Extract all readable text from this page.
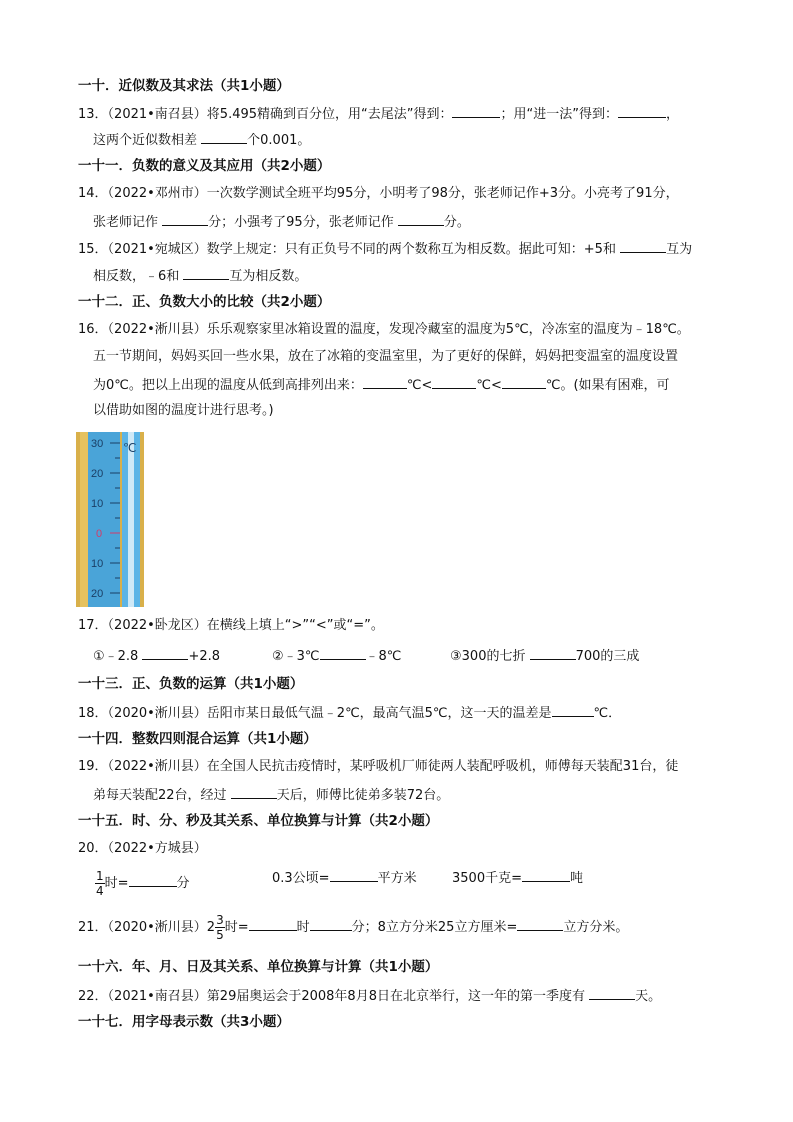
一十．近似数及其求法（共1小题）
13．（2021•南召县）将5.495精确到百分位，用“去尾法”得到：	；用“进一法”得到：	，
这两个近似数相差	个0.001。
一十一．负数的意义及其应用（共2小题）
14．（2022•邓州市）一次数学测试全班平均95分，小明考了98分，张老师记作+3分。小亮考了91分，
张老师记作	分；小强考了95分，张老师记作	分。
15．（2021•宛城区）数学上规定：只有正负号不同的两个数称互为相反数。据此可知：+5和	互为
相反数，﹣6和	互为相反数。
一十二．正、负数大小的比较（共2小题）
16．（2022•淅川县）乐乐观察家里冰箱设置的温度，发现冷藏室的温度为5℃，冷冻室的温度为﹣18℃。
五一节期间，妈妈买回一些水果，放在了冰箱的变温室里，为了更好的保鲜，妈妈把变温室的温度设置
为0℃。把以上出现的温度从低到高排列出来：	℃<	℃<	℃。(如果有困难，可
以借助如图的温度计进行思考。)
30
20
10
0
10
20
℃
17．（2022•卧龙区）在横线上填上“>”“<”或“=”。
①﹣2.8	+2.8	②﹣3℃	﹣8℃	③300的七折	700的三成
一十三．正、负数的运算（共1小题）
18．（2020•淅川县）岳阳市某日最低气温﹣2℃，最高气温5℃，这一天的温差是	℃．
一十四．整数四则混合运算（共1小题）
19．（2022•淅川县）在全国人民抗击疫情时，某呼吸机厂师徒两人装配呼吸机，师傅每天装配31台，徒
弟每天装配22台，经过	天后，师傅比徒弟多装72台。
一十五．时、分、秒及其关系、单位换算与计算（共2小题）
20．（2022•方城县）
$\frac{1}{4}$ 时=	分	0.3公顷=	平方米	3500千克=	吨
21．（2020•淅川县）$2 \frac{3}{5}$ 时=	时	分；8立方分米25立方厘米=	立方分米。
一十六．年、月、日及其关系、单位换算与计算（共1小题）
22．（2021•南召县）第29届奥运会于2008年8月8日在北京举行，这一年的第一季度有	天。
一十七．用字母表示数（共3小题）
